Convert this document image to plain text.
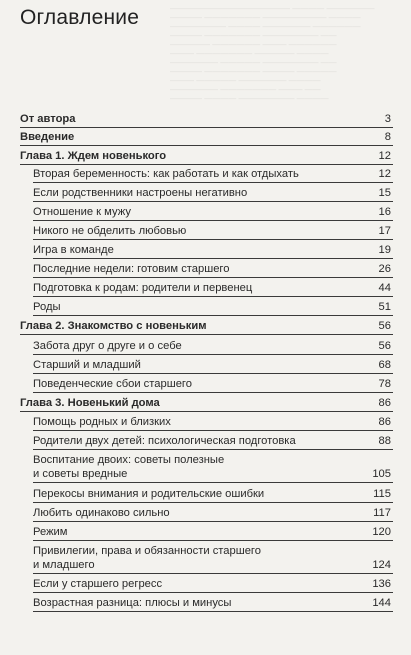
Оглавление	——————————————— ———— ——————
———— ——————— ———————— ————
——————— ———— —————— ——————
———— ——————— ——————— ——
————— —————— ——— ——————
——— ——————— ————— ————
—————— ————— ——————— ——
———— ——————— ———— —————
——— ————— —————— ————
—————— ——————— ——— ——
———— ———— ——————— ————
От автора	3
Введение	8
Глава 1. Ждем новенького	12
Вторая беременность: как работать и как отдыхать	12
Если родственники настроены негативно	15
Отношение к мужу	16
Никого не обделить любовью	17
Игра в команде	19
Последние недели: готовим старшего	26
Подготовка к родам: родители и первенец	44
Роды	51
Глава 2. Знакомство с новеньким	56
Забота друг о друге и о себе	56
Старший и младший	68
Поведенческие сбои старшего	78
Глава 3. Новенький дома	86
Помощь родных и близких	86
Родители двух детей: психологическая подготовка	88
Воспитание двоих: советы полезные
и советы вредные	105
Перекосы внимания и родительские ошибки	115
Любить одинаково сильно	117
Режим	120
Привилегии, права и обязанности старшего
и младшего	124
Если у старшего регресс	136
Возрастная разница: плюсы и минусы	144
